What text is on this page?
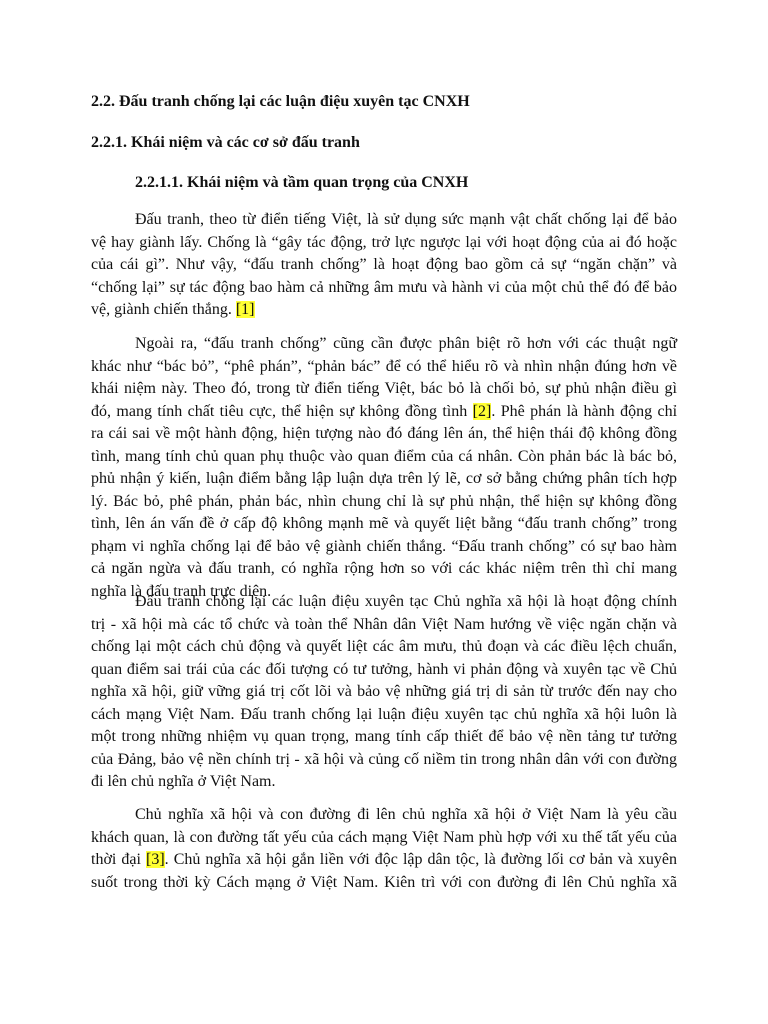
2.2. Đấu tranh chống lại các luận điệu xuyên tạc CNXH
2.2.1. Khái niệm và các cơ sở đấu tranh
2.2.1.1. Khái niệm và tầm quan trọng của CNXH

Đấu tranh, theo từ điển tiếng Việt, là sử dụng sức mạnh vật chất chống lại để bảo
vệ hay giành lấy. Chống là “gây tác động, trở lực ngược lại với hoạt động của ai đó hoặc
của cái gì”. Như vậy, “đấu tranh chống” là hoạt động bao gồm cả sự “ngăn chặn” và
“chống lại” sự tác động bao hàm cả những âm mưu và hành vi của một chủ thể đó để bảo
vệ, giành chiến thắng. [1]

Ngoài ra, “đấu tranh chống” cũng cần được phân biệt rõ hơn với các thuật ngữ
khác như “bác bỏ”, “phê phán”, “phản bác” để có thể hiểu rõ và nhìn nhận đúng hơn về
khái niệm này. Theo đó, trong từ điển tiếng Việt, bác bỏ là chối bỏ, sự phủ nhận điều gì
đó, mang tính chất tiêu cực, thể hiện sự không đồng tình [2]. Phê phán là hành động chỉ
ra cái sai về một hành động, hiện tượng nào đó đáng lên án, thể hiện thái độ không đồng
tình, mang tính chủ quan phụ thuộc vào quan điểm của cá nhân. Còn phản bác là bác bỏ,
phủ nhận ý kiến, luận điểm bằng lập luận dựa trên lý lẽ, cơ sở bằng chứng phân tích hợp
lý. Bác bỏ, phê phán, phản bác, nhìn chung chỉ là sự phủ nhận, thể hiện sự không đồng
tình, lên án vấn đề ở cấp độ không mạnh mẽ và quyết liệt bằng “đấu tranh chống” trong
phạm vi nghĩa chống lại để bảo vệ giành chiến thắng. “Đấu tranh chống” có sự bao hàm
cả ngăn ngừa và đấu tranh, có nghĩa rộng hơn so với các khác niệm trên thì chỉ mang
nghĩa là đấu tranh trực diện.

Đấu tranh chống lại các luận điệu xuyên tạc Chủ nghĩa xã hội là hoạt động chính
trị - xã hội mà các tổ chức và toàn thể Nhân dân Việt Nam hướng về việc ngăn chặn và
chống lại một cách chủ động và quyết liệt các âm mưu, thủ đoạn và các điều lệch chuẩn,
quan điểm sai trái của các đối tượng có tư tưởng, hành vi phản động và xuyên tạc về Chủ
nghĩa xã hội, giữ vững giá trị cốt lõi và bảo vệ những giá trị di sản từ trước đến nay cho
cách mạng Việt Nam. Đấu tranh chống lại luận điệu xuyên tạc chủ nghĩa xã hội luôn là
một trong những nhiệm vụ quan trọng, mang tính cấp thiết để bảo vệ nền tảng tư tưởng
của Đảng, bảo vệ nền chính trị - xã hội và củng cố niềm tin trong nhân dân với con đường
đi lên chủ nghĩa ở Việt Nam.

Chủ nghĩa xã hội và con đường đi lên chủ nghĩa xã hội ở Việt Nam là yêu cầu
khách quan, là con đường tất yếu của cách mạng Việt Nam phù hợp với xu thế tất yếu của
thời đại [3]. Chủ nghĩa xã hội gắn liền với độc lập dân tộc, là đường lối cơ bản và xuyên
suốt trong thời kỳ Cách mạng ở Việt Nam. Kiên trì với con đường đi lên Chủ nghĩa xã
